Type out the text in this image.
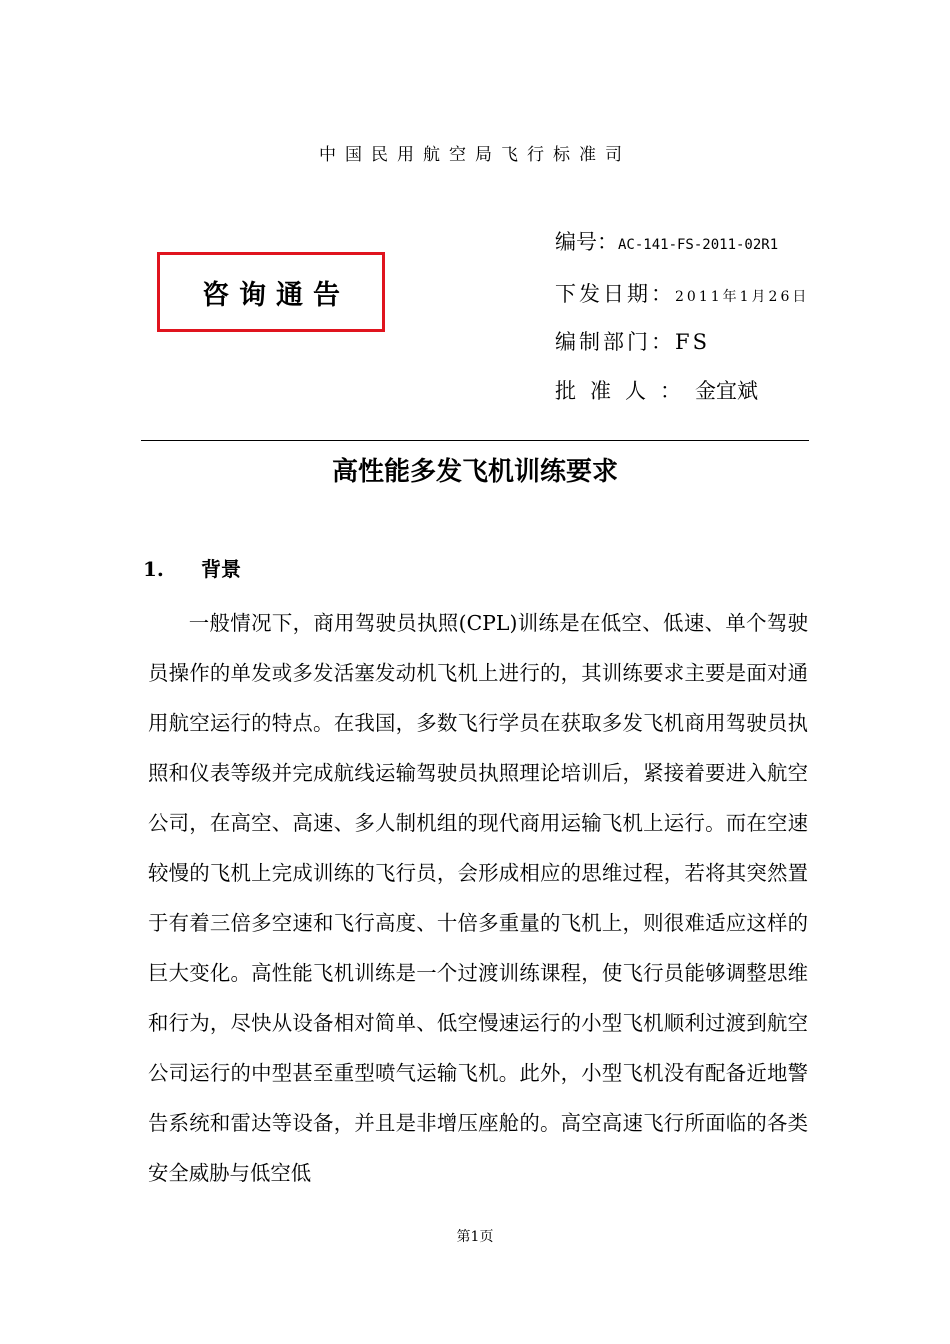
中国民用航空局飞行标准司
咨询通告
编号：AC-141-FS-2011-02R1
下发日期：2011年1月26日
编制部门：FS
批准人：金宜斌
高性能多发飞机训练要求
1. 背景

一般情况下，商用驾驶员执照(CPL)训练是在低空、低速、单个驾驶员操作的单发或多发活塞发动机飞机上进行的，其训练要求主要是面对通用航空运行的特点。在我国，多数飞行学员在获取多发飞机商用驾驶员执照和仪表等级并完成航线运输驾驶员执照理论培训后，紧接着要进入航空公司，在高空、高速、多人制机组的现代商用运输飞机上运行。而在空速较慢的飞机上完成训练的飞行员，会形成相应的思维过程，若将其突然置于有着三倍多空速和飞行高度、十倍多重量的飞机上，则很难适应这样的巨大变化。高性能飞机训练是一个过渡训练课程，使飞行员能够调整思维和行为，尽快从设备相对简单、低空慢速运行的小型飞机顺利过渡到航空公司运行的中型甚至重型喷气运输飞机。此外，小型飞机没有配备近地警告系统和雷达等设备，并且是非增压座舱的。高空高速飞行所面临的各类安全威胁与低空低

第1页
